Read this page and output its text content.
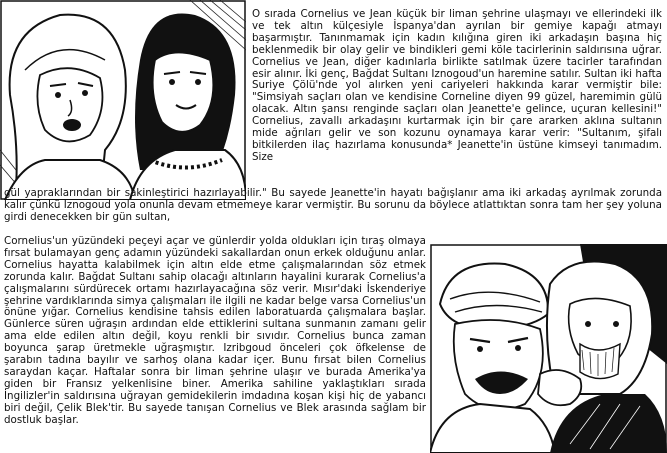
O sırada Cornelius ve Jean küçük bir liman şehrine ulaşmayı ve ellerindeki ilk ve tek altın külçesiyle İspanya'dan ayrılan bir gemiye kapağı atmayı başarmıştır. Tanınmamak için kadın kılığına giren iki arkadaşın başına hiç beklenmedik bir olay gelir ve bindikleri gemi köle tacirlerinin saldırısına uğrar. Cornelius ve Jean, diğer kadınlarla birlikte satılmak üzere tacirler tarafından esir alınır. İki genç, Bağdat Sultanı Iznogoud'un haremine satılır. Sultan iki hafta Suriye Çölü'nde yol alırken yeni cariyeleri hakkında karar vermiştir bile: "Simsiyah saçları olan ve kendisine Corneline diyen 99 güzel, haremimin gülü olacak. Altın şansı renginde saçları olan Jeanette'e gelince, uçuran kellesini!" Cornelius, zavallı arkadaşını kurtarmak için bir çare ararken aklına sultanın mide ağrıları gelir ve son kozunu oynamaya karar verir: "Sultanım, şifalı bitkilerden ilaç hazırlama konusunda* Jeanette'in üstüne kimseyi tanımadım. Size

gül yapraklarından bir sakinleştirici hazırlayabilir." Bu sayede Jeanette'in hayatı bağışlanır ama iki arkadaş ayrılmak zorunda kalır çünkü Iznogoud yola onunla devam etmemeye karar vermiştir. Bu sorunu da böylece atlattıktan sonra tam her şey yoluna girdi denecekken bir gün sultan,

Cornelius'un yüzündeki peçeyi açar ve günlerdir yolda oldukları için tıraş olmaya fırsat bulamayan genç adamın yüzündeki sakallardan onun erkek olduğunu anlar. Cornelius hayatta kalabilmek için altın elde etme çalışmalarından söz etmek zorunda kalır. Bağdat Sultanı sahip olacağı altınların hayalini kurarak Cornelius'a çalışmalarını sürdürecek ortamı hazırlayacağına söz verir. Mısır'daki İskenderiye şehrine vardıklarında simya çalışmaları ile ilgili ne kadar belge varsa Cornelius'un önüne yığar. Cornelius kendisine tahsis edilen laboratuarda çalışmalara başlar. Günlerce süren uğraşın ardından elde ettiklerini sultana sunmanın zamanı gelir ama elde edilen altın değil, koyu renkli bir sıvıdır. Cornelius bunca zaman boyunca şarap üretmekle uğraşmıştır. Izribgoud önceleri çok öfkelense de şarabın tadına bayılır ve sarhoş olana kadar içer. Bunu fırsat bilen Cornelius saraydan kaçar. Haftalar sonra bir liman şehrine ulaşır ve burada Amerika'ya giden bir Fransız yelkenlisine biner. Amerika sahiline yaklaştıkları sırada İngilizler'in saldırısına uğrayan gemidekilerin imdadına koşan kişi hiç de yabancı biri değil, Çelik Blek'tir. Bu sayede tanışan Cornelius ve Blek arasında sağlam bir dostluk başlar.
